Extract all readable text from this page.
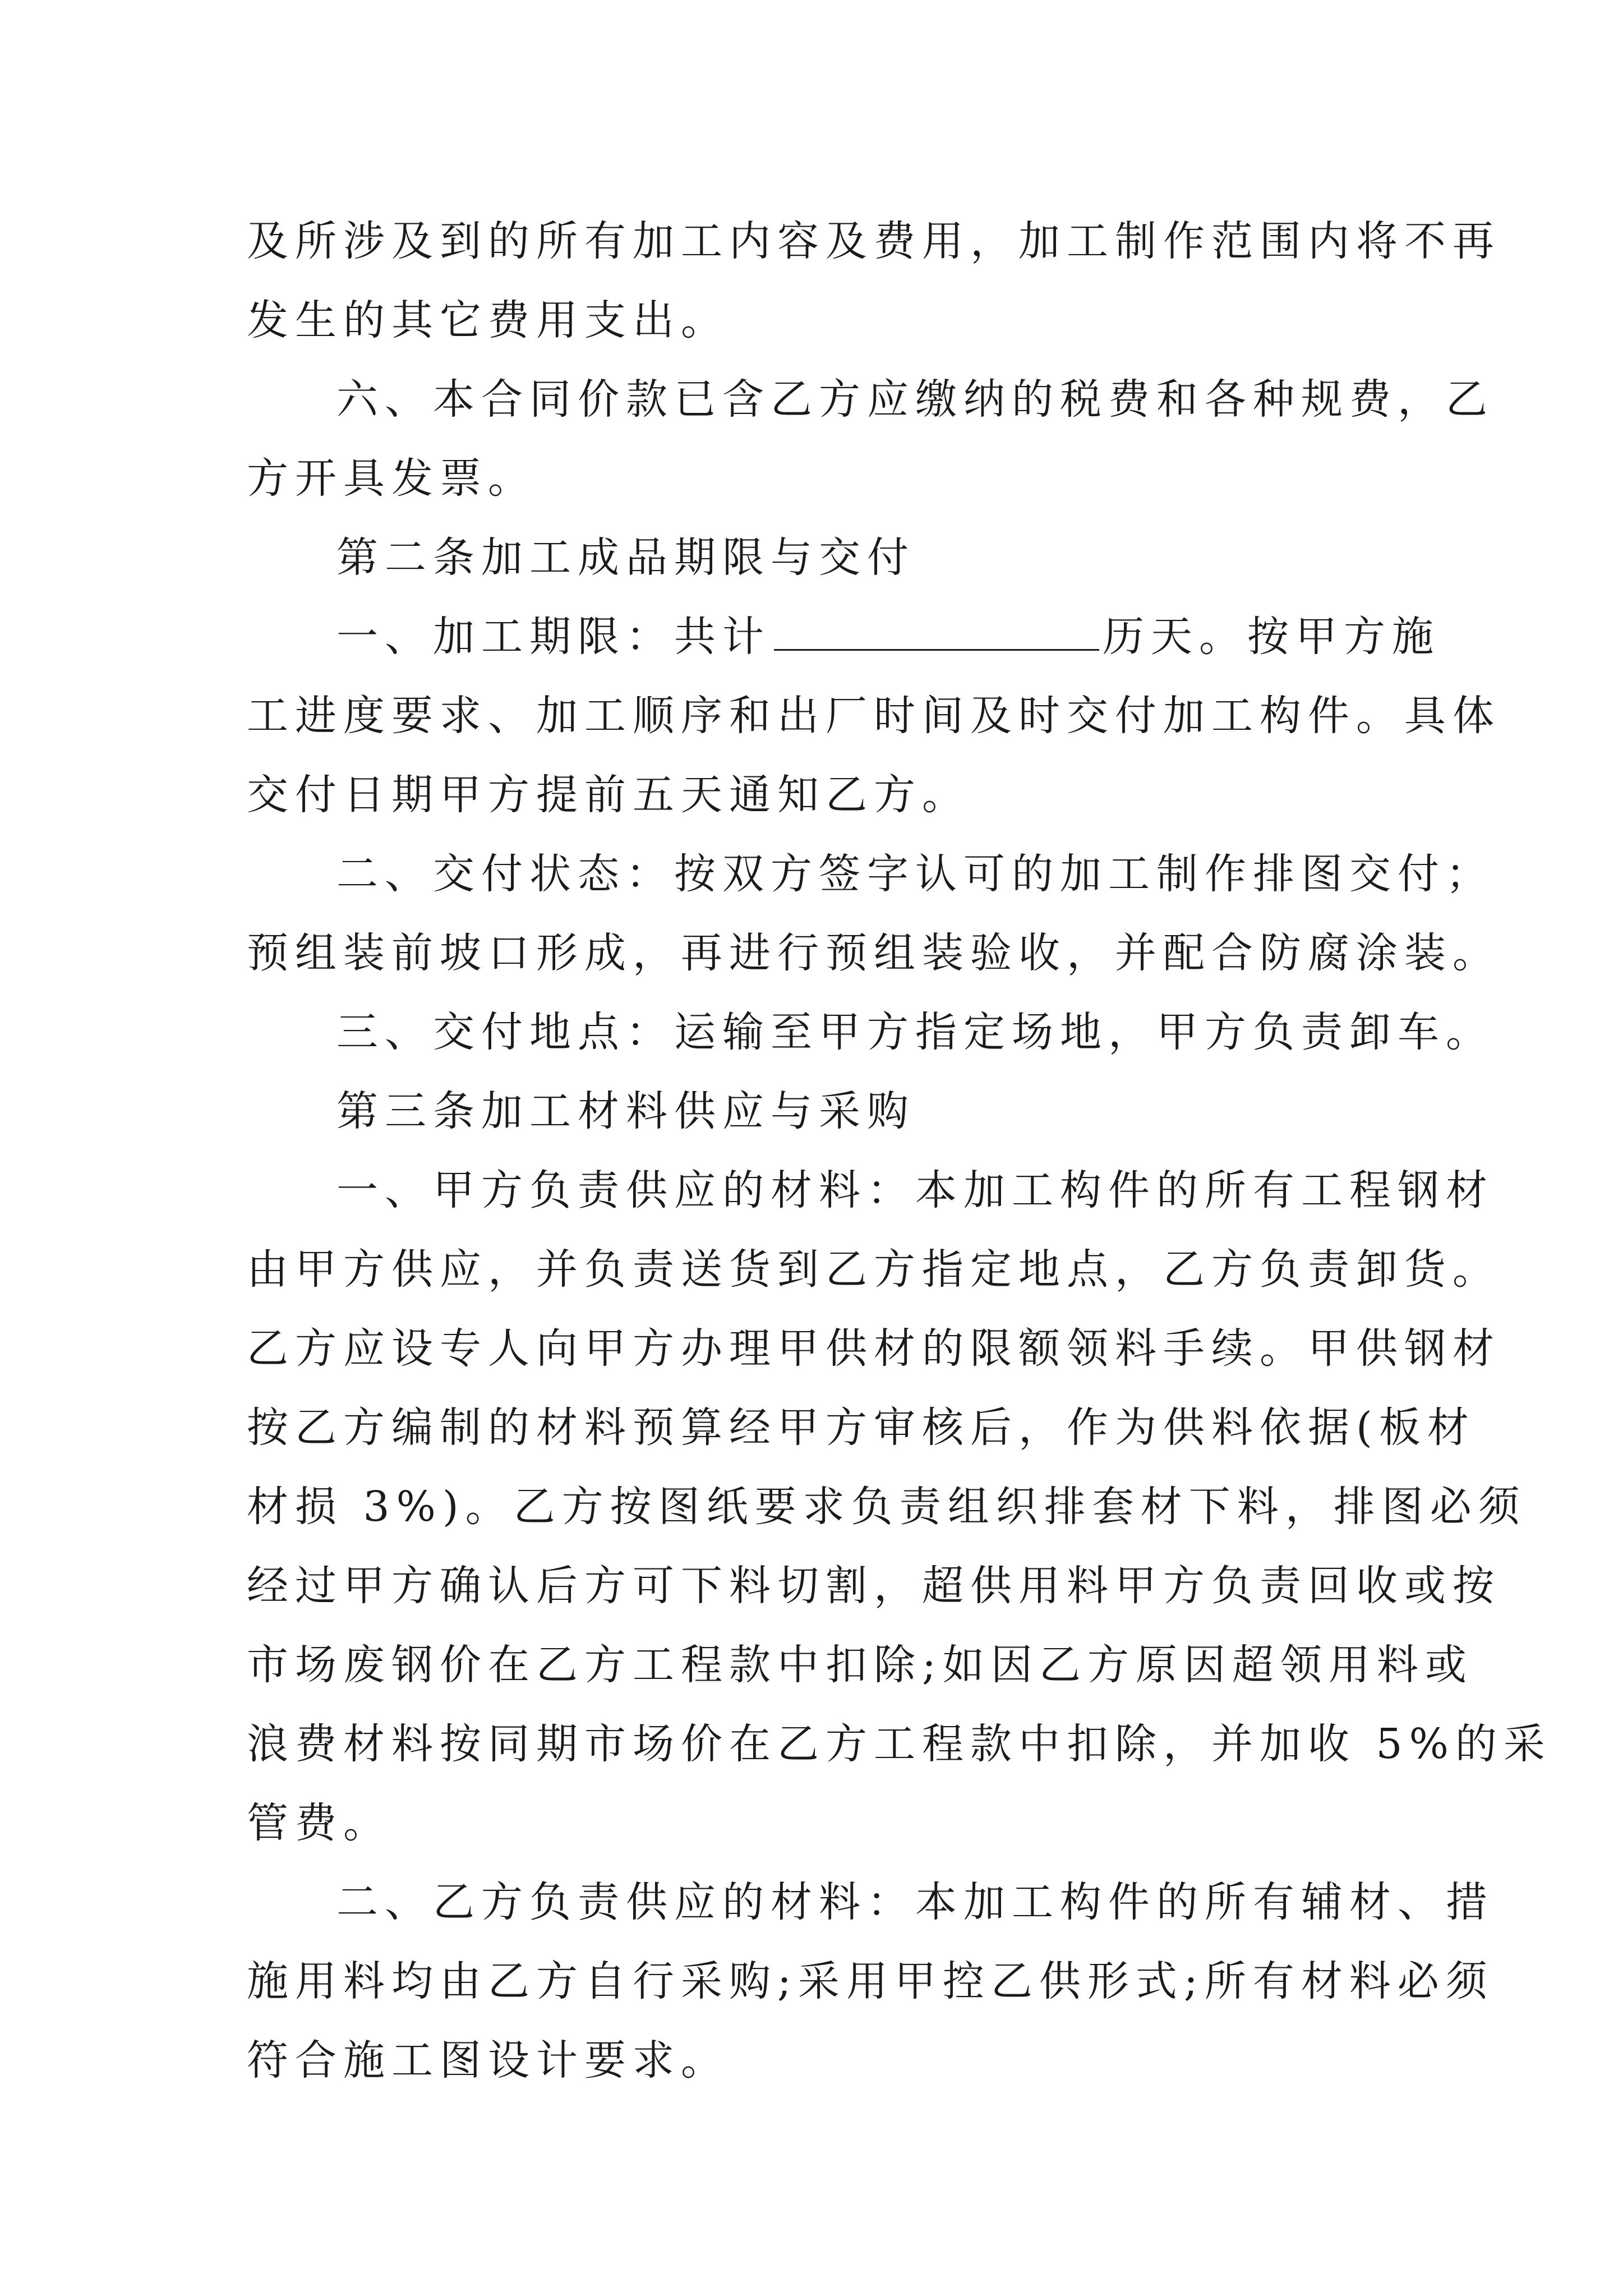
及所涉及到的所有加工内容及费用，加工制作范围内将不再
发生的其它费用支出。
六、本合同价款已含乙方应缴纳的税费和各种规费，乙
方开具发票。
第二条加工成品期限与交付
一、加工期限：共计	历天。按甲方施
工进度要求、加工顺序和出厂时间及时交付加工构件。具体
交付日期甲方提前五天通知乙方。
二、交付状态：按双方签字认可的加工制作排图交付；
预组装前坡口形成，再进行预组装验收，并配合防腐涂装。
三、交付地点：运输至甲方指定场地，甲方负责卸车。
第三条加工材料供应与采购
一、甲方负责供应的材料：本加工构件的所有工程钢材
由甲方供应，并负责送货到乙方指定地点，乙方负责卸货。
乙方应设专人向甲方办理甲供材的限额领料手续。甲供钢材
按乙方编制的材料预算经甲方审核后，作为供料依据(板材
材损 3%)。乙方按图纸要求负责组织排套材下料，排图必须
经过甲方确认后方可下料切割，超供用料甲方负责回收或按
市场废钢价在乙方工程款中扣除;如因乙方原因超领用料或
浪费材料按同期市场价在乙方工程款中扣除，并加收 5%的采
管费。
二、乙方负责供应的材料：本加工构件的所有辅材、措
施用料均由乙方自行采购;采用甲控乙供形式;所有材料必须
符合施工图设计要求。
